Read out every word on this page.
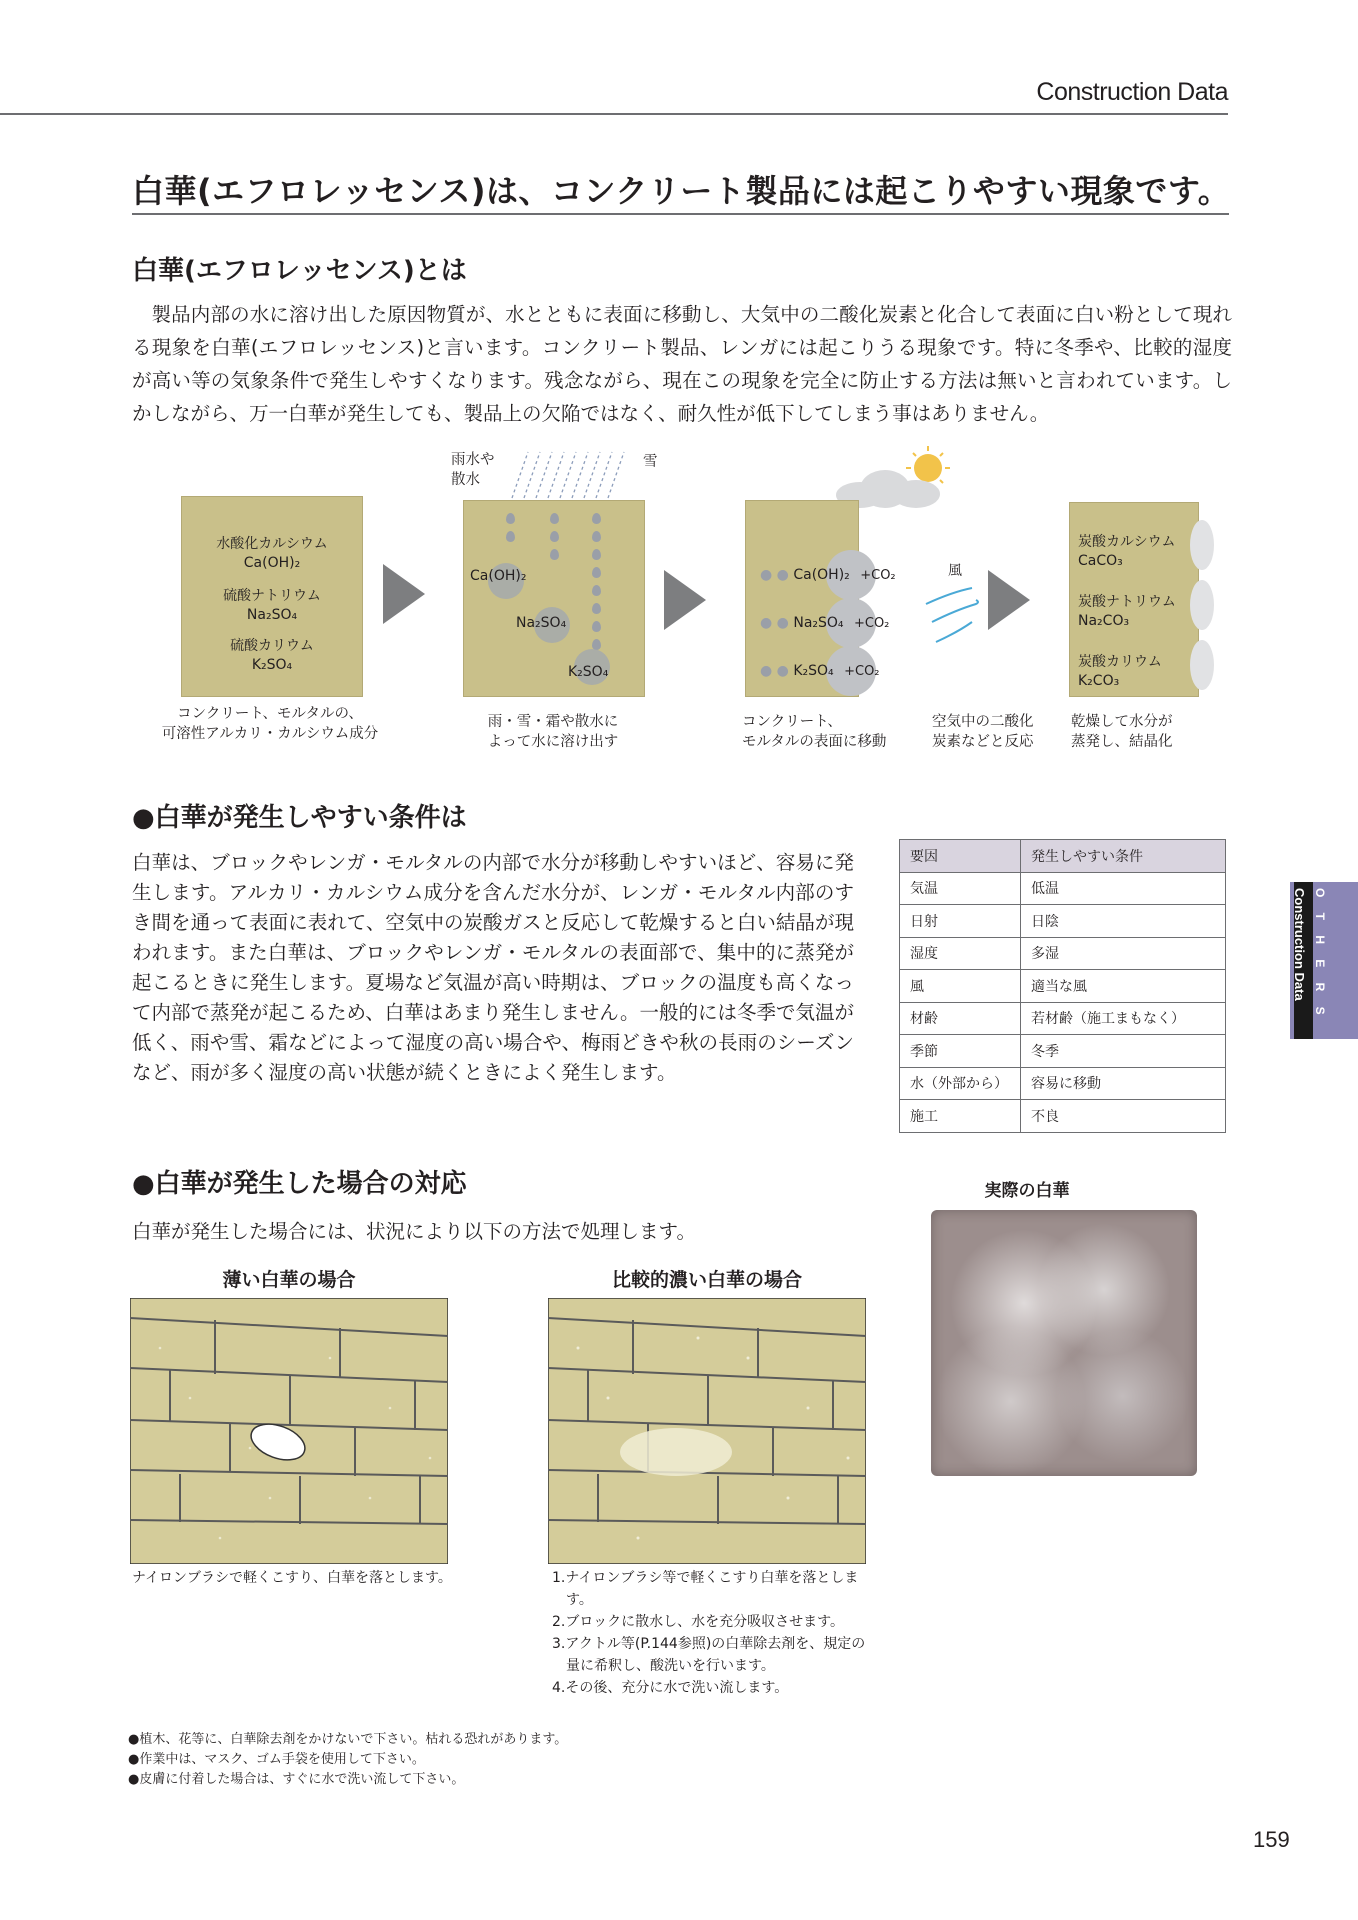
Construction Data
O T H E R S
Construction Data
白華(エフロレッセンス)は、コンクリート製品には起こりやすい現象です。
白華(エフロレッセンス)とは

製品内部の水に溶け出した原因物質が、水とともに表面に移動し、大気中の二酸化炭素と化合して表面に白い粉として現れる現象を白華(エフロレッセンス)と言います。コンクリート製品、レンガには起こりうる現象です。特に冬季や、比較的湿度が高い等の気象条件で発生しやすくなります。残念ながら、現在この現象を完全に防止する方法は無いと言われています。しかしながら、万一白華が発生しても、製品上の欠陥ではなく、耐久性が低下してしまう事はありません。

水酸化カルシウム
Ca(OH)₂
硫酸ナトリウム
Na₂SO₄
硫酸カリウム
K₂SO₄
コンクリート、モルタルの、
可溶性アルカリ・カルシウム成分
雨水や
散水
雪
Ca(OH)₂
Na₂SO₄
K₂SO₄
雨・雪・霜や散水に
よって水に溶け出す
● ● Ca(OH)₂ +CO₂
● ● Na₂SO₄ +CO₂
● ● K₂SO₄ +CO₂
風
コンクリート、
モルタルの表面に移動
空気中の二酸化
炭素などと反応
炭酸カルシウム
CaCO₃
炭酸ナトリウム
Na₂CO₃
炭酸カリウム
K₂CO₃
乾燥して水分が
蒸発し、結晶化
●白華が発生しやすい条件は
白華は、ブロックやレンガ・モルタルの内部で水分が移動しやすいほど、容易に発生します。アルカリ・カルシウム成分を含んだ水分が、レンガ・モルタル内部のすき間を通って表面に表れて、空気中の炭酸ガスと反応して乾燥すると白い結晶が現われます。また白華は、ブロックやレンガ・モルタルの表面部で、集中的に蒸発が起こるときに発生します。夏場など気温が高い時期は、ブロックの温度も高くなって内部で蒸発が起こるため、白華はあまり発生しません。一般的には冬季で気温が低く、雨や雪、霜などによって湿度の高い場合や、梅雨どきや秋の長雨のシーズンなど、雨が多く湿度の高い状態が続くときによく発生します。
要因	発生しやすい条件
気温	低温
日射	日陰
湿度	多湿
風	適当な風
材齢	若材齢（施工まもなく）
季節	冬季
水（外部から）	容易に移動
施工	不良
●白華が発生した場合の対応
白華が発生した場合には、状況により以下の方法で処理します。
薄い白華の場合	比較的濃い白華の場合
ナイロンブラシで軽くこすり、白華を落とします。	1.ナイロンブラシ等で軽くこすり白華を落とします。
2.ブロックに散水し、水を充分吸収させます。
3.アクトル等(P.144参照)の白華除去剤を、規定の量に希釈し、酸洗いを行います。
4.その後、充分に水で洗い流します。
実際の白華
●植木、花等に、白華除去剤をかけないで下さい。枯れる恐れがあります。
●作業中は、マスク、ゴム手袋を使用して下さい。
●皮膚に付着した場合は、すぐに水で洗い流して下さい。
159
